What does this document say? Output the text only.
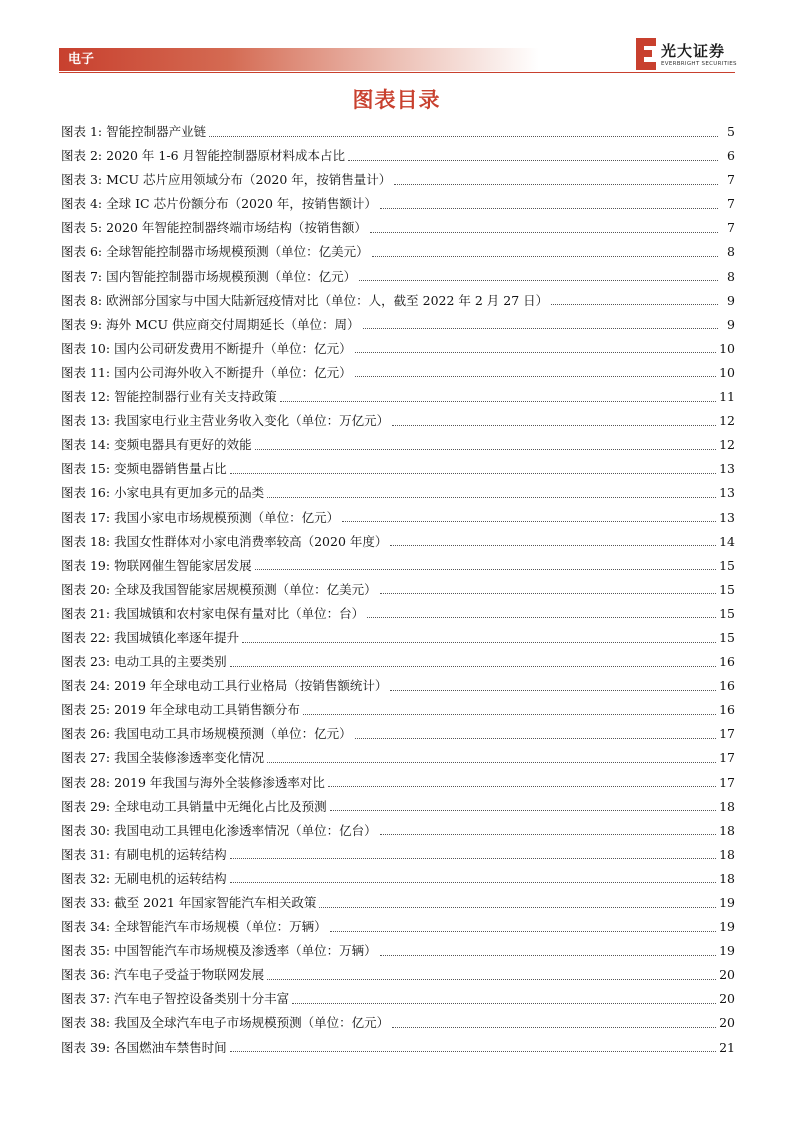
电子	光大证券
EVERBRIGHT SECURITIES
图表目录
图表 1: 智能控制器产业链	5
图表 2: 2020 年 1-6 月智能控制器原材料成本占比	6
图表 3: MCU 芯片应用领域分布（2020 年，按销售量计）	7
图表 4: 全球 IC 芯片份额分布（2020 年，按销售额计）	7
图表 5: 2020 年智能控制器终端市场结构（按销售额）	7
图表 6: 全球智能控制器市场规模预测（单位：亿美元）	8
图表 7: 国内智能控制器市场规模预测（单位：亿元）	8
图表 8: 欧洲部分国家与中国大陆新冠疫情对比（单位：人，截至 2022 年 2 月 27 日）	9
图表 9: 海外 MCU 供应商交付周期延长（单位：周）	9
图表 10: 国内公司研发费用不断提升（单位：亿元）	10
图表 11: 国内公司海外收入不断提升（单位：亿元）	10
图表 12: 智能控制器行业有关支持政策	11
图表 13: 我国家电行业主营业务收入变化（单位：万亿元）	12
图表 14: 变频电器具有更好的效能	12
图表 15: 变频电器销售量占比	13
图表 16: 小家电具有更加多元的品类	13
图表 17: 我国小家电市场规模预测（单位：亿元）	13
图表 18: 我国女性群体对小家电消费率较高（2020 年度）	14
图表 19: 物联网催生智能家居发展	15
图表 20: 全球及我国智能家居规模预测（单位：亿美元）	15
图表 21: 我国城镇和农村家电保有量对比（单位：台）	15
图表 22: 我国城镇化率逐年提升	15
图表 23: 电动工具的主要类别	16
图表 24: 2019 年全球电动工具行业格局（按销售额统计）	16
图表 25: 2019 年全球电动工具销售额分布	16
图表 26: 我国电动工具市场规模预测（单位：亿元）	17
图表 27: 我国全装修渗透率变化情况	17
图表 28: 2019 年我国与海外全装修渗透率对比	17
图表 29: 全球电动工具销量中无绳化占比及预测	18
图表 30: 我国电动工具锂电化渗透率情况（单位：亿台）	18
图表 31: 有刷电机的运转结构	18
图表 32: 无刷电机的运转结构	18
图表 33: 截至 2021 年国家智能汽车相关政策	19
图表 34: 全球智能汽车市场规模（单位：万辆）	19
图表 35: 中国智能汽车市场规模及渗透率（单位：万辆）	19
图表 36: 汽车电子受益于物联网发展	20
图表 37: 汽车电子智控设备类别十分丰富	20
图表 38: 我国及全球汽车电子市场规模预测（单位：亿元）	20
图表 39: 各国燃油车禁售时间	21
